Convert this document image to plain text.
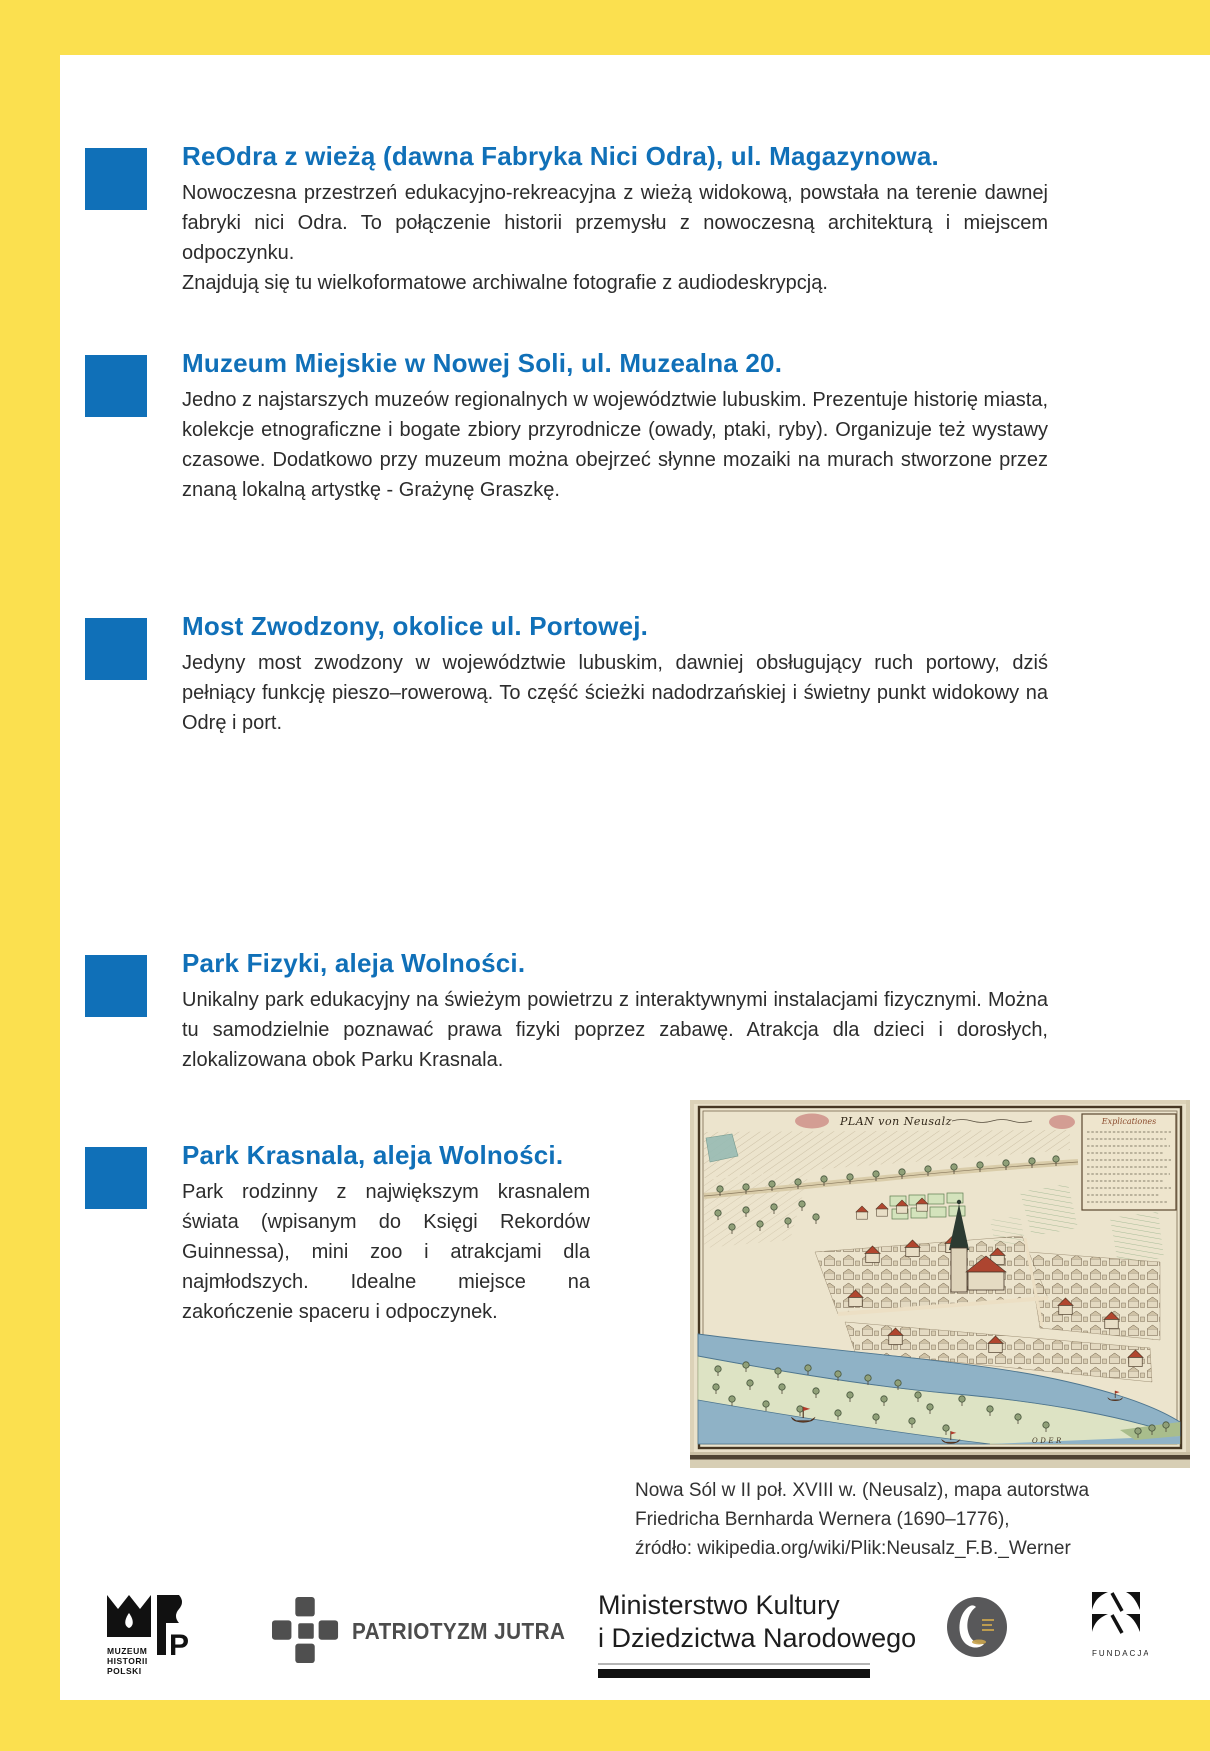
ReOdra z wieżą (dawna Fabryka Nici Odra), ul. Magazynowa.

Nowoczesna przestrzeń edukacyjno-rekreacyjna z wieżą widokową, powstała na terenie dawnej fabryki nici Odra. To połączenie historii przemysłu z nowoczesną architekturą i miejscem odpoczynku.

Znajdują się tu wielkoformatowe archiwalne fotografie z audiodeskrypcją.

Muzeum Miejskie w Nowej Soli, ul. Muzealna 20.

Jedno z najstarszych muzeów regionalnych w województwie lubuskim. Prezentuje historię miasta, kolekcje etnograficzne i bogate zbiory przyrodnicze (owady, ptaki, ryby). Organizuje też wystawy czasowe. Dodatkowo przy muzeum można obejrzeć słynne mozaiki na murach stworzone przez znaną lokalną artystkę - Grażynę Graszkę.

Most Zwodzony, okolice ul. Portowej.

Jedyny most zwodzony w województwie lubuskim, dawniej obsługujący ruch portowy, dziś pełniący funkcję pieszo–rowerową. To część ścieżki nadodrzańskiej i świetny punkt widokowy na Odrę i port.

Park Fizyki, aleja Wolności.

Unikalny park edukacyjny na świeżym powietrzu z interaktywnymi instalacjami fizycznymi. Można tu samodzielnie poznawać prawa fizyki poprzez zabawę. Atrakcja dla dzieci i dorosłych, zlokalizowana obok Parku Krasnala.

Park Krasnala, aleja Wolności.

Park rodzinny z największym krasnalem świata (wpisanym do Księgi Rekordów Guinnessa), mini zoo i atrakcjami dla najmłodszych. Idealne miejsce na zakończenie spaceru i odpoczynek.

PLAN von Neusalz	Explicationes
ODER
Nowa Sól w II poł. XVIII w. (Neusalz), mapa autorstwa
Friedricha Bernharda Wernera (1690–1776),
źródło: wikipedia.org/wiki/Plik:Neusalz_F.B._Werner
P
MUZEUM
HISTORII
POLSKI
PATRIOTYZM JUTRA
Ministerstwo Kultury
i Dziedzictwa Narodowego
FUNDACJA
